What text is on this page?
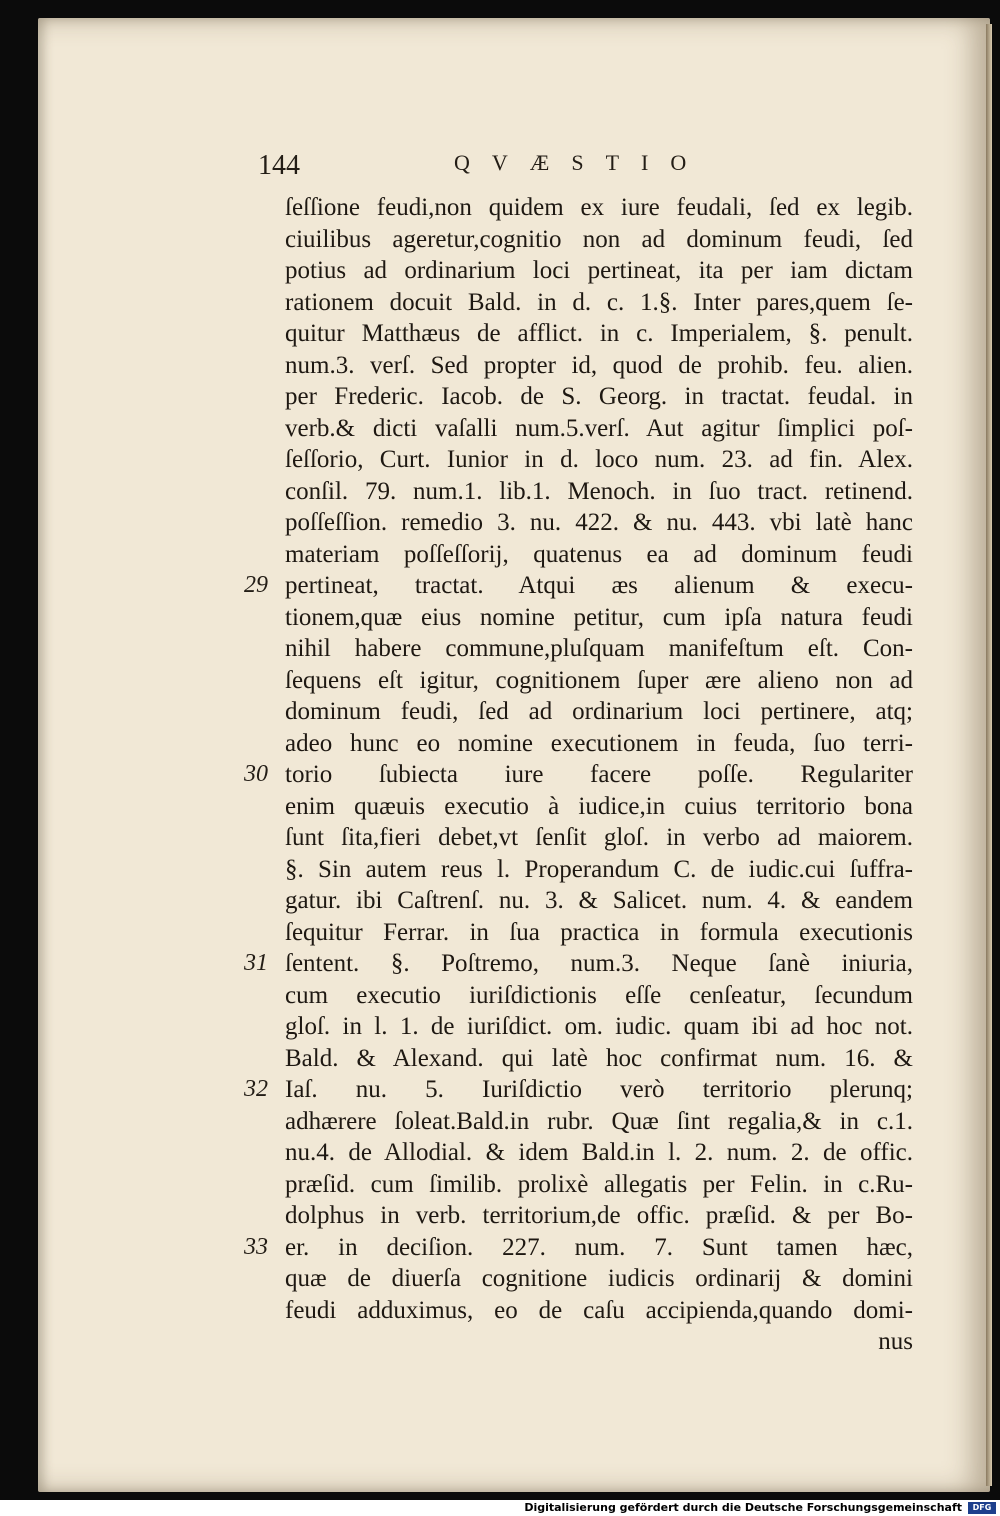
144	QVÆSTIO
ſeſſione feudi,non quidem ex iure feudali, ſed ex legib.
ciuilibus ageretur,cognitio non ad dominum feudi, ſed
potius ad ordinarium loci pertineat, ita per iam dictam
rationem docuit Bald. in d. c. 1.§. Inter pares,quem ſe-
quitur Matthæus de afflict. in c. Imperialem, §. penult.
num.3. verſ. Sed propter id, quod de prohib. feu. alien.
per Frederic. Iacob. de S. Georg. in tractat. feudal. in
verb.& dicti vaſalli num.5.verſ. Aut agitur ſimplici poſ-
ſeſſorio, Curt. Iunior in d. loco num. 23. ad fin. Alex.
conſil. 79. num.1. lib.1. Menoch. in ſuo tract. retinend.
poſſeſſion. remedio 3. nu. 422. & nu. 443. vbi latè hanc
materiam poſſeſſorij, quatenus ea ad dominum feudi
pertineat, tractat. Atqui æs alienum & execu-
tionem,quæ eius nomine petitur, cum ipſa natura feudi
nihil habere commune,pluſquam manifeſtum eſt. Con-
ſequens eſt igitur, cognitionem ſuper ære alieno non ad
dominum feudi, ſed ad ordinarium loci pertinere, atq;
adeo hunc eo nomine executionem in feuda, ſuo terri-
torio ſubiecta iure facere poſſe. Regulariter
enim quæuis executio à iudice,in cuius territorio bona
ſunt ſita,fieri debet,vt ſenſit gloſ. in verbo ad maiorem.
§. Sin autem reus l. Properandum C. de iudic.cui ſuffra-
gatur. ibi Caſtrenſ. nu. 3. & Salicet. num. 4. & eandem
ſequitur Ferrar. in ſua practica in formula executionis
ſentent. §. Poſtremo, num.3. Neque ſanè iniuria,
cum executio iuriſdictionis eſſe cenſeatur, ſecundum
gloſ. in l. 1. de iuriſdict. om. iudic. quam ibi ad hoc not.
Bald. & Alexand. qui latè hoc confirmat num. 16. &
Iaſ. nu. 5. Iuriſdictio verò territorio plerunq;
adhærere ſoleat.Bald.in rubr. Quæ ſint regalia,& in c.1.
nu.4. de Allodial. & idem Bald.in l. 2. num. 2. de offic.
præſid. cum ſimilib. prolixè allegatis per Felin. in c.Ru-
dolphus in verb. territorium,de offic. præſid. & per Bo-
er. in deciſion. 227. num. 7. Sunt tamen hæc,
quæ de diuerſa cognitione iudicis ordinarij & domini
feudi adduximus, eo de caſu accipienda,quando domi-
nus
29
30
31
32
33
Digitalisierung gefördert durch die Deutsche Forschungsgemeinschaft	DFG
